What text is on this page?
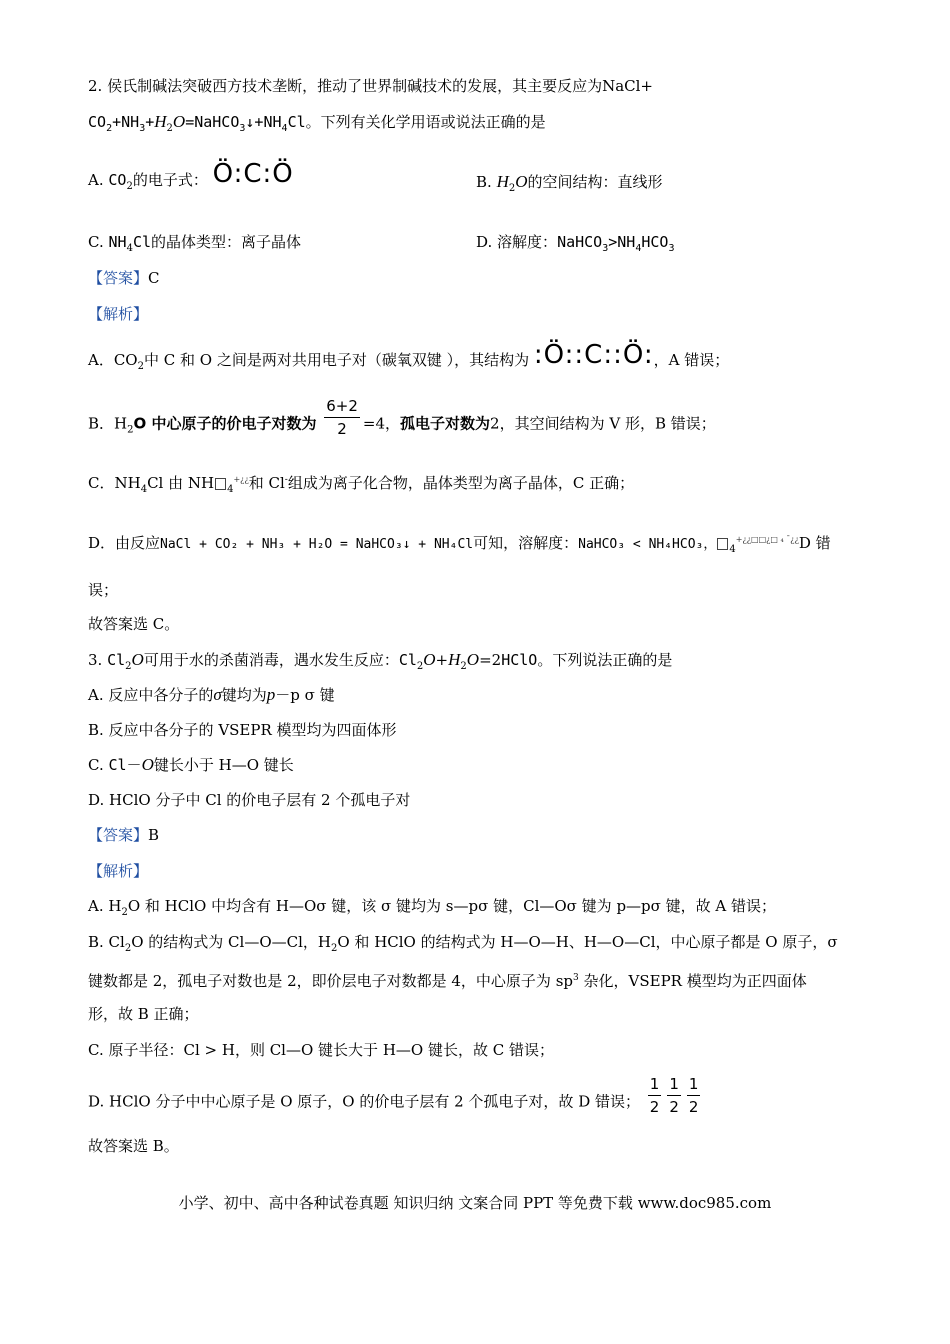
2. 侯氏制碱法突破西方技术垄断，推动了世界制碱技术的发展，其主要反应为NaCl+
$CO_2+NH_3+H_2O=NaHCO_3↓+NH_4Cl$。下列有关化学用语或说法正确的是
A. $CO_2$的电子式： Ö:C:Ö	B. $H_2O$的空间结构：直线形
C. $NH_4Cl$的晶体类型：离子晶体	D. 溶解度：$NaHCO_3>NH_4HCO_3$
【答案】C
【解析】
A．$CO_2$中 C 和 O 之间是两对共用电子对（碳氧双键 ），其结构为 :Ö::C::Ö:，A 错误；
B．$H_2O$ 中心原子的价电子对数为 $\frac{6+2}{2} =4$，孤电子对数为2，其空间结构为 V 形，B 错误；
C．$NH_4Cl$ 由 NH $_4$+¿¿和 Cl-组成为离子化合物，晶体类型为离子晶体，C 正确；
D．由反应NaCl + CO₂ + NH₃ + H₂O = NaHCO₃↓ + NH₄Cl可知，溶解度：NaHCO₃ < NH₄HCO₃， $_4^{+¿¿□□¿□ _4 ¯¿¿}$D 错
误；
故答案选 C。
3. $Cl_2O$可用于水的杀菌消毒，遇水发生反应：$Cl_2O+H_2O=2HClO$。下列说法正确的是
A. 反应中各分子的σ键均为p－p σ 键
B. 反应中各分子的 VSEPR 模型均为四面体形
C. Cl－O键长小于 H—O 键长
D. HClO 分子中 Cl 的价电子层有 2 个孤电子对
【答案】B
【解析】
A. $H_2O$ 和 HClO 中均含有 H—Oσ 键，该 σ 键均为 s—pσ 键，Cl—Oσ 键为 p—pσ 键，故 A 错误；
B. $Cl_2O$ 的结构式为 Cl—O—Cl，$H_2O$ 和 HClO 的结构式为 H—O—H、H—O—Cl，中心原子都是 O 原子，σ
键数都是 2，孤电子对数也是 2，即价层电子对数都是 4，中心原子为 $sp^3$ 杂化，VSEPR 模型均为正四面体
形，故 B 正确；
C. 原子半径：Cl > H，则 Cl—O 键长大于 H—O 键长，故 C 错误；
D. HClO 分子中中心原子是 O 原子，O 的价电子层有 2 个孤电子对，故 D 错误； $\frac{1}{2} \frac{1}{2} \frac{1}{2}$
故答案选 B。
小学、初中、高中各种试卷真题 知识归纳 文案合同 PPT 等免费下载 www.doc985.com
